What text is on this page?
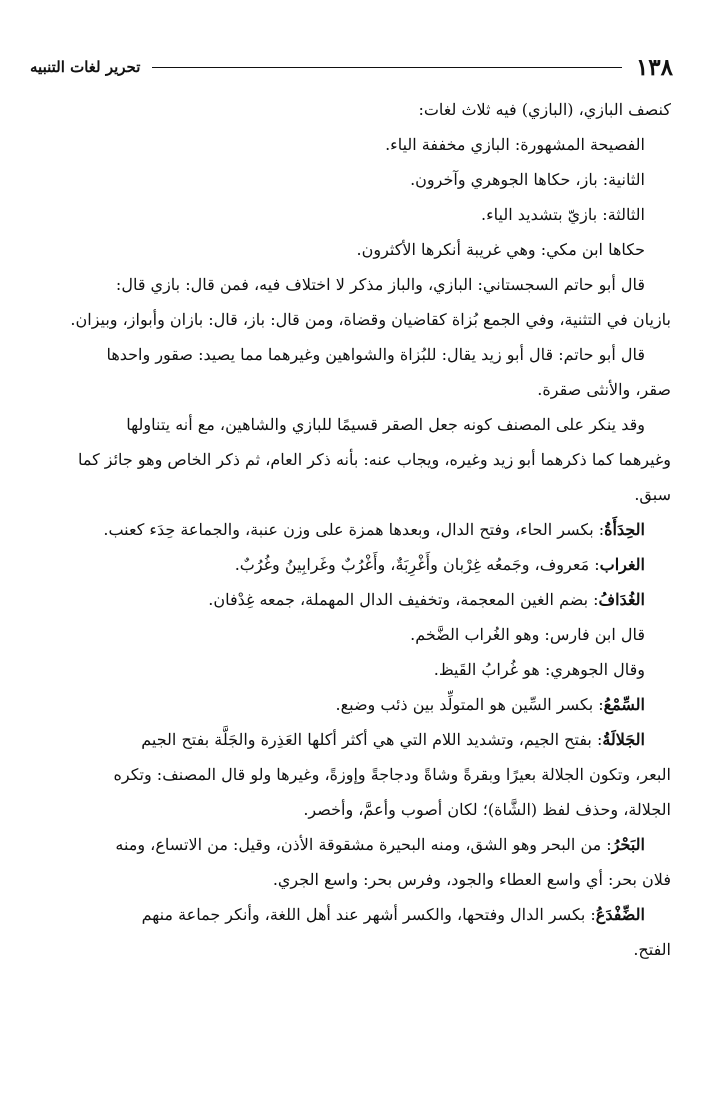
١٣٨
تحرير لغات التنبيه

كنصف البازي، (البازي) فيه ثلاث لغات:

الفصيحة المشهورة: البازي مخففة الياء.

الثانية: باز، حكاها الجوهري وآخرون.

الثالثة: بازيّ بتشديد الياء.

حكاها ابن مكي: وهي غريبة أنكرها الأكثرون.

قال أبو حاتم السجستاني: البازي، والباز مذكر لا اختلاف فيه، فمن قال: بازي قال:

بازيان في التثنية، وفي الجمع بُزاة كقاضيان وقضاة، ومن قال: باز، قال: بازان وأبواز، وبيزان.

قال أبو حاتم: قال أبو زيد يقال: للبُزاة والشواهين وغيرهما مما يصيد: صقور واحدها

صقر، والأنثى صقرة.

وقد ينكر على المصنف كونه جعل الصقر قسيمًا للبازي والشاهين، مع أنه يتناولها

وغيرهما كما ذكرهما أبو زيد وغيره، ويجاب عنه: بأنه ذكر العام، ثم ذكر الخاص وهو جائز كما

سبق.

الحِدَأَةُ: بكسر الحاء، وفتح الدال، وبعدها همزة على وزن عنبة، والجماعة حِدَء كعنب.

الغراب: مَعروف، وجَمعُه غِرْبان وأَغْرِبَةٌ، وأَغْرُبٌ وغَرابِينُ وغُرُبٌ.

الغُدَافُ: بضم الغين المعجمة، وتخفيف الدال المهملة، جمعه غِدْفان.

قال ابن فارس: وهو الغُراب الضَّخم.

وقال الجوهري: هو غُرابُ القَيظ.

السِّمْعُ: بكسر السِّين هو المتولِّد بين ذئب وضبع.

الجَلالَةُ: بفتح الجيم، وتشديد اللام التي هي أكثر أكلها العَذِرة والجَلَّة بفتح الجيم

البعر، وتكون الجلالة بعيرًا وبقرةً وشاةً ودجاجةً وإوزةً، وغيرها ولو قال المصنف: وتكره

الجلالة، وحذف لفظ (الشَّاة)؛ لكان أصوب وأعمَّ، وأخصر.

البَحْرُ: من البحر وهو الشق، ومنه البحيرة مشقوقة الأذن، وقيل: من الاتساع، ومنه

فلان بحر: أي واسع العطاء والجود، وفرس بحر: واسع الجري.

الضِّفْدَعُ: بكسر الدال وفتحها، والكسر أشهر عند أهل اللغة، وأنكر جماعة منهم

الفتح.
